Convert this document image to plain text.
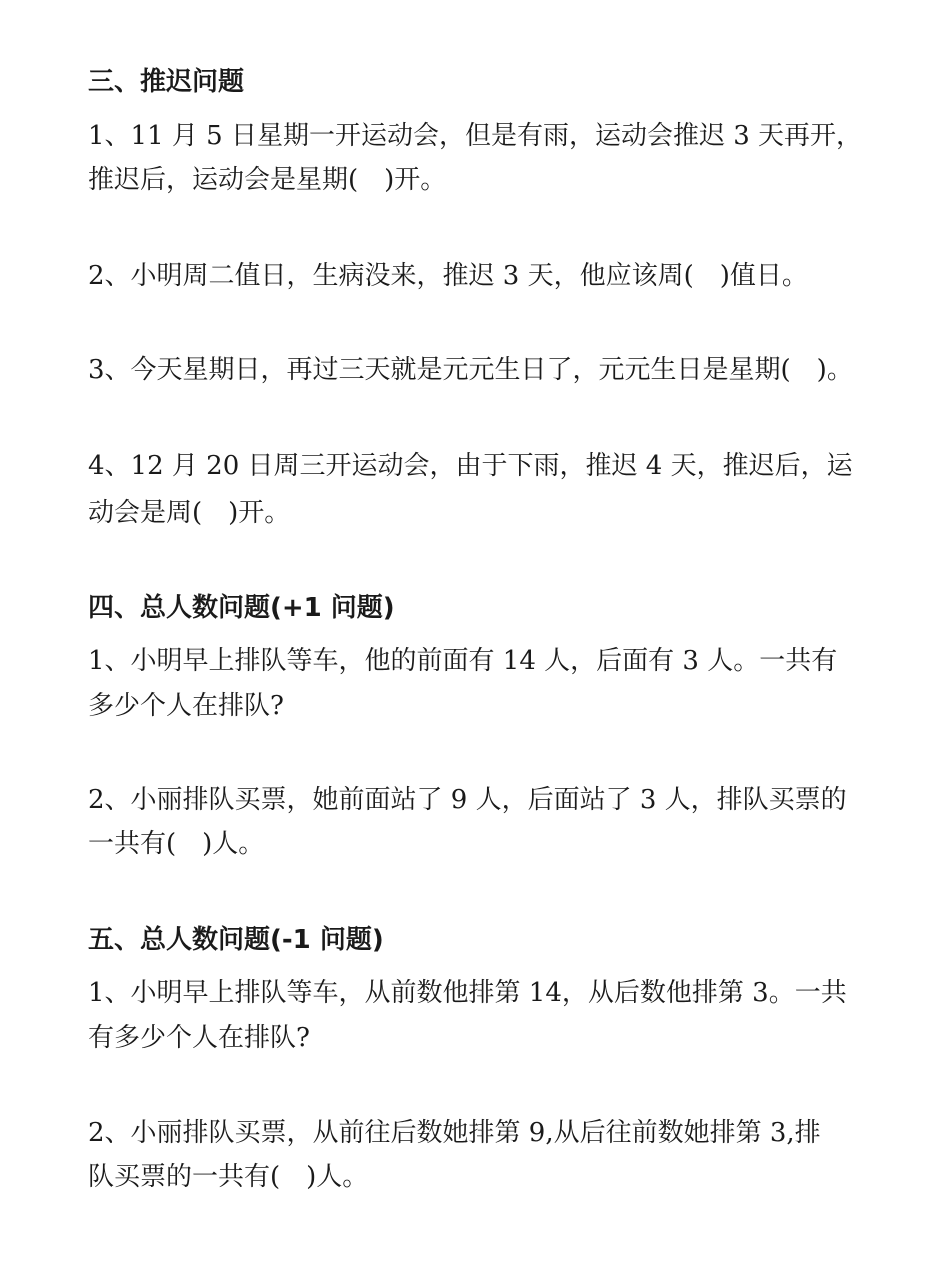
三、推迟问题
1、11 月 5 日星期一开运动会，但是有雨，运动会推迟 3 天再开，
推迟后，运动会是星期(　)开。
2、小明周二值日，生病没来，推迟 3 天，他应该周(　)值日。
3、今天星期日，再过三天就是元元生日了，元元生日是星期(　)。
4、12 月 20 日周三开运动会，由于下雨，推迟 4 天，推迟后，运
动会是周(　)开。
四、总人数问题(+1 问题)
1、小明早上排队等车，他的前面有 14 人，后面有 3 人。一共有
多少个人在排队?
2、小丽排队买票，她前面站了 9 人，后面站了 3 人，排队买票的
一共有(　)人。
五、总人数问题(-1 问题)
1、小明早上排队等车，从前数他排第 14，从后数他排第 3。一共
有多少个人在排队?
2、小丽排队买票，从前往后数她排第 9,从后往前数她排第 3,排
队买票的一共有(　)人。
